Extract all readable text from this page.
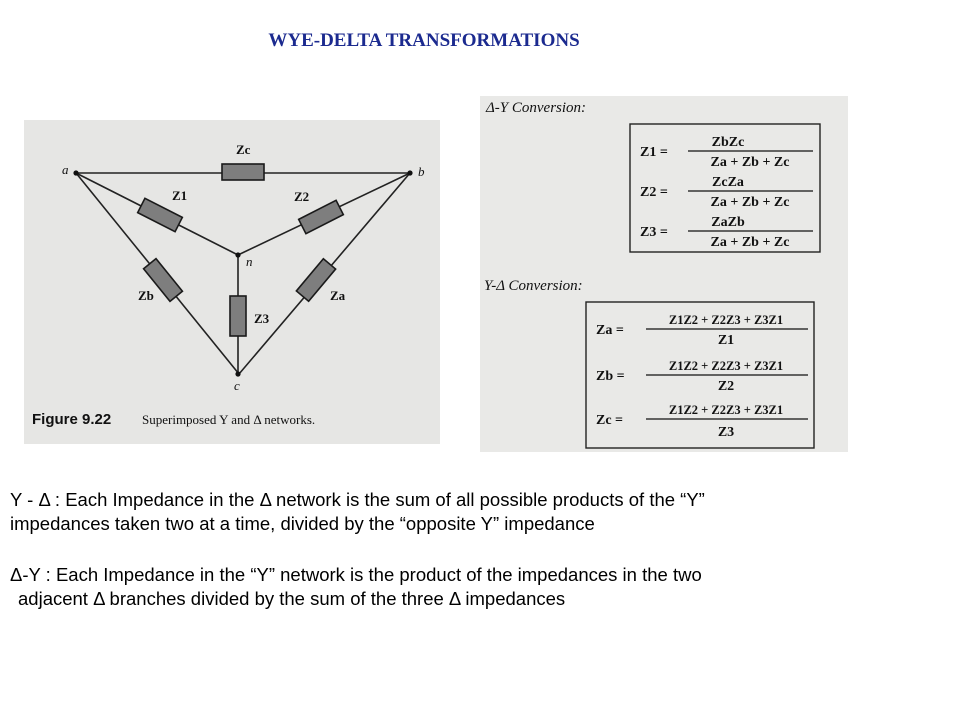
WYE-DELTA TRANSFORMATIONS

a	b
n
c
Zc
Z1	Z2
Z3
Zb	Za
Figure 9.22 Superimposed Y and Δ networks.
Δ-Y Conversion:
Z1 =
ZbZc
Za + Zb + Zc
Z2 =
ZcZa
Za + Zb + Zc
Z3 =
ZaZb
Za + Zb + Zc
Y-Δ Conversion:
Za =
Z1Z2 + Z2Z3 + Z3Z1
Z1
Zb =
Z1Z2 + Z2Z3 + Z3Z1
Z2
Zc =
Z1Z2 + Z2Z3 + Z3Z1
Z3
Y - Δ : Each Impedance in the Δ network is the sum of all possible products of the “Y”
impedances taken two at a time, divided by the “opposite Y” impedance
Δ-Y : Each Impedance in the “Y” network is the product of the impedances in the two
adjacent Δ branches divided by the sum of the three Δ impedances
